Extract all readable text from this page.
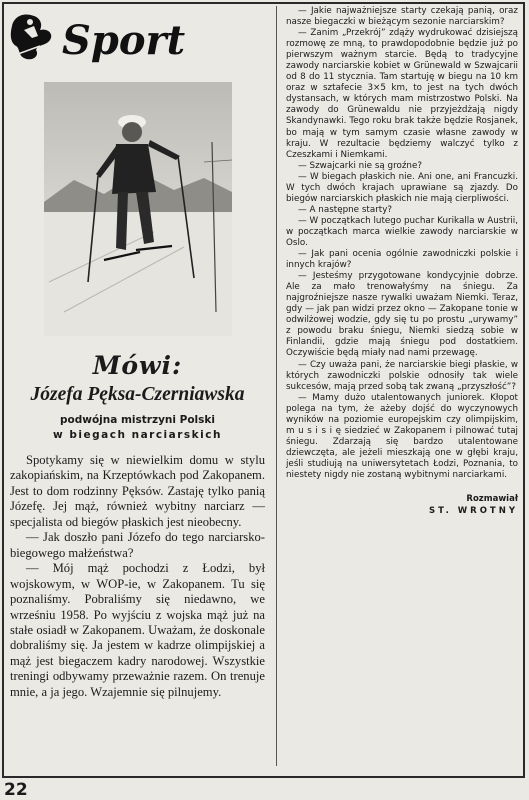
Sport
Mówi:
Józefa Pęksa-Czerniawska
podwójna mistrzyni Polski
w biegach narciarskich

Spotykamy się w niewielkim domu w stylu zakopiańskim, na Krzeptówkach pod Zakopanem. Jest to dom rodzinny Pęksów. Zastaję tylko panią Józefę. Jej mąż, również wybitny narciarz — specjalista od biegów płaskich jest nieobecny.

— Jak doszło pani Józefo do tego narciarsko-biegowego małżeństwa?

— Mój mąż pochodzi z Łodzi, był wojskowym, w WOP-ie, w Zakopanem. Tu się poznaliśmy. Pobraliśmy się niedawno, we wrześniu 1958. Po wyjściu z wojska mąż już na stałe osiadł w Zakopanem. Uważam, że doskonale dobraliśmy się. Ja jestem w kadrze olimpijskiej a mąż jest biegaczem kadry narodowej. Wszystkie treningi odbywamy przeważnie razem. On trenuje mnie, a ja jego. Wzajemnie się pilnujemy.

— Jakie najważniejsze starty czekają panią, oraz nasze biegaczki w bieżącym sezonie narciarskim?

— Zanim „Przekrój” zdąży wydrukować dzisiejszą rozmowę ze mną, to prawdopodobnie będzie już po pierwszym ważnym starcie. Będą to tradycyjne zawody narciarskie kobiet w Grünewald w Szwajcarii od 8 do 11 stycznia. Tam startuję w biegu na 10 km oraz w sztafecie 3×5 km, to jest na tych dwóch dystansach, w których mam mistrzostwo Polski. Na zawody do Grünewaldu nie przyjeżdżają nigdy Skandynawki. Tego roku brak także będzie Rosjanek, bo mają w tym samym czasie własne zawody w kraju. W rezultacie będziemy walczyć tylko z Czeszkami i Niemkami.

— Szwajcarki nie są groźne?

— W biegach płaskich nie. Ani one, ani Francuzki. W tych dwóch krajach uprawiane są zjazdy. Do biegów narciarskich płaskich nie mają cierpliwości.

— A następne starty?

— W początkach lutego puchar Kurikalla w Austrii, w początkach marca wielkie zawody narciarskie w Oslo.

— Jak pani ocenia ogólnie zawodniczki polskie i innych krajów?

— Jesteśmy przygotowane kondycyjnie dobrze. Ale za mało trenowałyśmy na śniegu. Za najgroźniejsze nasze rywalki uważam Niemki. Teraz, gdy — jak pan widzi przez okno — Zakopane tonie w odwilżowej wodzie, gdy się tu po prostu „urywamy” z powodu braku śniegu, Niemki siedzą sobie w Finlandii, gdzie mają śniegu pod dostatkiem. Oczywiście będą miały nad nami przewagę.

— Czy uważa pani, że narciarskie biegi płaskie, w których zawodniczki polskie odnosiły tak wiele sukcesów, mają przed sobą tak zwaną „przyszłość”?

— Mamy dużo utalentowanych juniorek. Kłopot polega na tym, że ażeby dojść do wyczynowych wyników na poziomie europejskim czy olimpijskim, m u s i s i ę siedzieć w Zakopanem i pilnować tutaj śniegu. Zdarzają się bardzo utalentowane dziewczęta, ale jeżeli mieszkają one w głębi kraju, jeśli studiują na uniwersytetach Łodzi, Poznania, to niestety nigdy nie zostaną wybitnymi narciarkami.

Rozmawiał
ST. WROTNY
22
